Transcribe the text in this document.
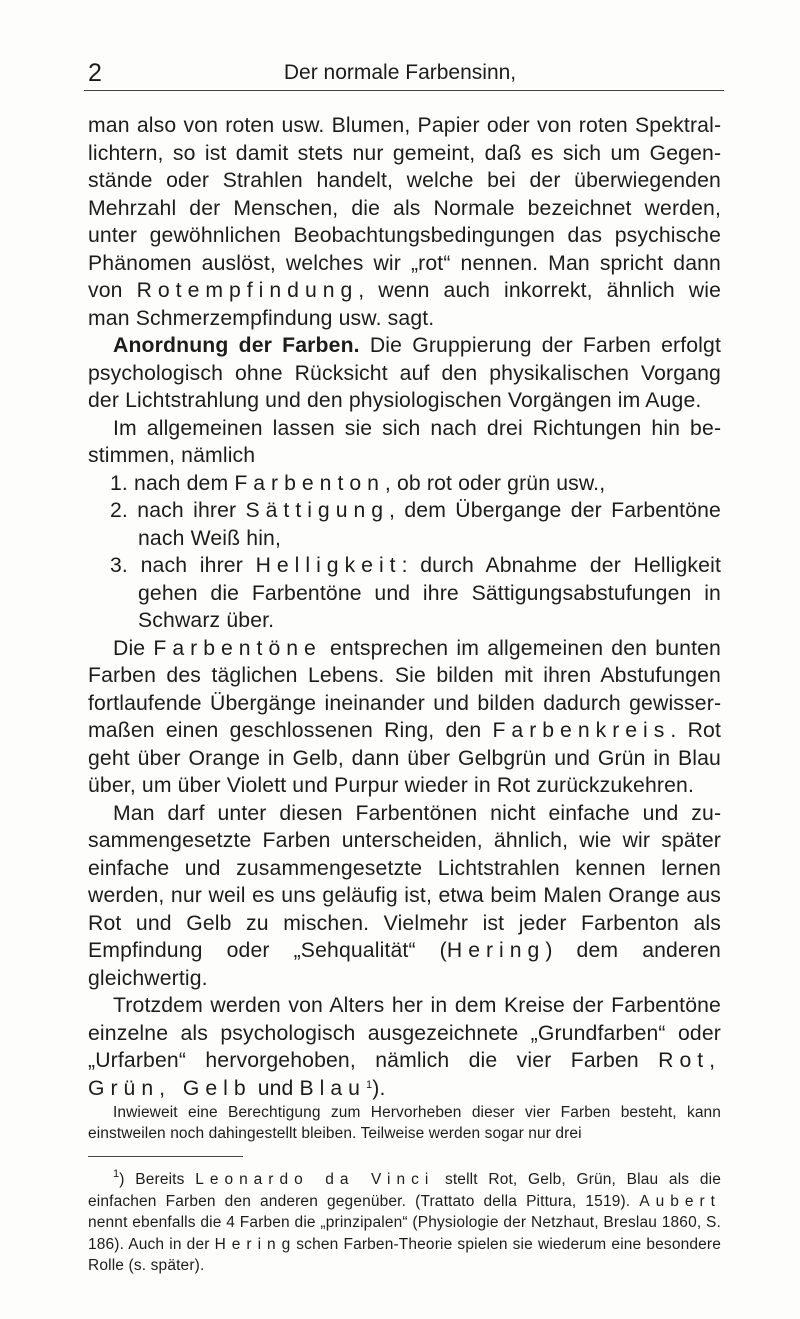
2	Der normale Farbensinn,

man also von roten usw. Blumen, Papier oder von roten Spektrallichtern, so ist damit stets nur gemeint, daß es sich um Gegenstände oder Strahlen handelt, welche bei der überwiegenden Mehrzahl der Menschen, die als Normale bezeichnet werden, unter gewöhnlichen Beobachtungsbedingungen das psychische Phänomen auslöst, welches wir „rot“ nennen. Man spricht dann von Rotempfindung, wenn auch inkorrekt, ähnlich wie man Schmerzempfindung usw. sagt.

Anordnung der Farben. Die Gruppierung der Farben erfolgt psychologisch ohne Rücksicht auf den physikalischen Vorgang der Lichtstrahlung und den physiologischen Vorgängen im Auge.

Im allgemeinen lassen sie sich nach drei Richtungen hin bestimmen, nämlich

1. nach dem Farbenton, ob rot oder grün usw.,

2. nach ihrer Sättigung, dem Übergange der Farbentöne nach Weiß hin,

3. nach ihrer Helligkeit: durch Abnahme der Helligkeit gehen die Farbentöne und ihre Sättigungsabstufungen in Schwarz über.

Die Farbentöne entsprechen im allgemeinen den bunten Farben des täglichen Lebens. Sie bilden mit ihren Abstufungen fortlaufende Übergänge ineinander und bilden dadurch gewissermaßen einen geschlossenen Ring, den Farbenkreis. Rot geht über Orange in Gelb, dann über Gelbgrün und Grün in Blau über, um über Violett und Purpur wieder in Rot zurückzukehren.

Man darf unter diesen Farbentönen nicht einfache und zusammengesetzte Farben unterscheiden, ähnlich, wie wir später einfache und zusammengesetzte Lichtstrahlen kennen lernen werden, nur weil es uns geläufig ist, etwa beim Malen Orange aus Rot und Gelb zu mischen. Vielmehr ist jeder Farbenton als Empfindung oder „Sehqualität“ (Hering) dem anderen gleichwertig.

Trotzdem werden von Alters her in dem Kreise der Farbentöne einzelne als psychologisch ausgezeichnete „Grundfarben“ oder „Urfarben“ hervorgehoben, nämlich die vier Farben Rot, Grün, Gelb und Blau$^1$).

Inwieweit eine Berechtigung zum Hervorheben dieser vier Farben besteht, kann einstweilen noch dahingestellt bleiben. Teilweise werden sogar nur drei

$^1$) Bereits Leonardo da Vinci stellt Rot, Gelb, Grün, Blau als die einfachen Farben den anderen gegenüber. (Trattato della Pittura, 1519). Aubert nennt ebenfalls die 4 Farben die „prinzipalen“ (Physiologie der Netzhaut, Breslau 1860, S. 186). Auch in der Heringschen Farben-Theorie spielen sie wiederum eine besondere Rolle (s. später).
